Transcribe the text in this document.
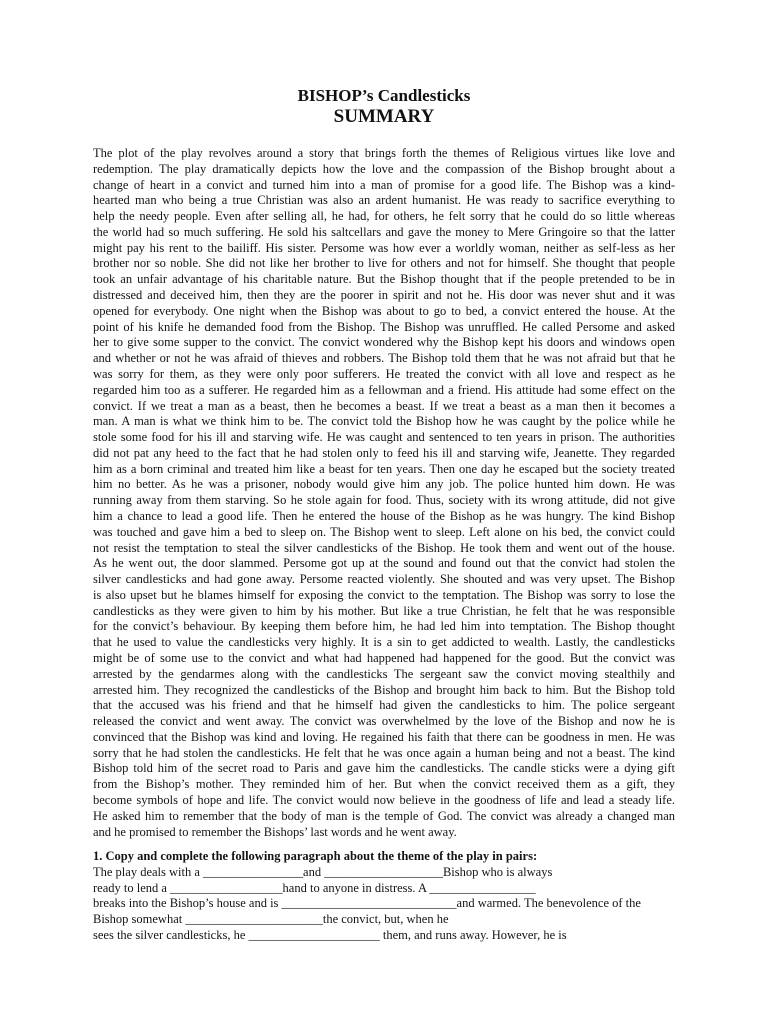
BISHOP’s Candlesticks
SUMMARY
The plot of the play revolves around a story that brings forth the themes of Religious virtues like love and
redemption. The play dramatically depicts how the love and the compassion of the Bishop brought about a
change of heart in a convict and turned him into a man of promise for a good life. The Bishop was a kind-
hearted man who being a true Christian was also an ardent humanist. He was ready to sacrifice everything to
help the needy people. Even after selling all, he had, for others, he felt sorry that he could do so little whereas
the world had so much suffering. He sold his saltcellars and gave the money to Mere Gringoire so that the latter
might pay his rent to the bailiff. His sister. Persome was how ever a worldly woman, neither as self-less as her
brother nor so noble. She did not like her brother to live for others and not for himself. She thought that people
took an unfair advantage of his charitable nature. But the Bishop thought that if the people pretended to be in
distressed and deceived him, then they are the poorer in spirit and not he. His door was never shut and it was
opened for everybody. One night when the Bishop was about to go to bed, a convict entered the house. At the
point of his knife he demanded food from the Bishop. The Bishop was unruffled. He called Persome and asked
her to give some supper to the convict. The convict wondered why the Bishop kept his doors and windows open
and whether or not he was afraid of thieves and robbers. The Bishop told them that he was not afraid but that he
was sorry for them, as they were only poor sufferers. He treated the convict with all love and respect as he
regarded him too as a sufferer. He regarded him as a fellowman and a friend. His attitude had some effect on the
convict. If we treat a man as a beast, then he becomes a beast. If we treat a beast as a man then it becomes a
man. A man is what we think him to be. The convict told the Bishop how he was caught by the police while he
stole some food for his ill and starving wife. He was caught and sentenced to ten years in prison. The authorities
did not pat any heed to the fact that he had stolen only to feed his ill and starving wife, Jeanette. They regarded
him as a born criminal and treated him like a beast for ten years. Then one day he escaped but the society treated
him no better. As he was a prisoner, nobody would give him any job. The police hunted him down. He was
running away from them starving. So he stole again for food. Thus, society with its wrong attitude, did not give
him a chance to lead a good life. Then he entered the house of the Bishop as he was hungry. The kind Bishop
was touched and gave him a bed to sleep on. The Bishop went to sleep. Left alone on his bed, the convict could
not resist the temptation to steal the silver candlesticks of the Bishop. He took them and went out of the house.
As he went out, the door slammed. Persome got up at the sound and found out that the convict had stolen the
silver candlesticks and had gone away. Persome reacted violently. She shouted and was very upset. The Bishop
is also upset but he blames himself for exposing the convict to the temptation. The Bishop was sorry to lose the
candlesticks as they were given to him by his mother. But like a true Christian, he felt that he was responsible
for the convict’s behaviour. By keeping them before him, he had led him into temptation. The Bishop thought
that he used to value the candlesticks very highly. It is a sin to get addicted to wealth. Lastly, the candlesticks
might be of some use to the convict and what had happened had happened for the good. But the convict was
arrested by the gendarmes along with the candlesticks The sergeant saw the convict moving stealthily and
arrested him. They recognized the candlesticks of the Bishop and brought him back to him. But the Bishop told
that the accused was his friend and that he himself had given the candlesticks to him. The police sergeant
released the convict and went away. The convict was overwhelmed by the love of the Bishop and now he is
convinced that the Bishop was kind and loving. He regained his faith that there can be goodness in men. He was
sorry that he had stolen the candlesticks. He felt that he was once again a human being and not a beast. The kind
Bishop told him of the secret road to Paris and gave him the candlesticks. The candle sticks were a dying gift
from the Bishop’s mother. They reminded him of her. But when the convict received them as a gift, they
become symbols of hope and life. The convict would now believe in the goodness of life and lead a steady life.
He asked him to remember that the body of man is the temple of God. The convict was already a changed man
and he promised to remember the Bishops’ last words and he went away.
1. Copy and complete the following paragraph about the theme of the play in pairs:
The play deals with a ________________and ___________________Bishop who is always
ready to lend a __________________hand to anyone in distress. A _________________
breaks into the Bishop’s house and is ____________________________and warmed. The benevolence of the
Bishop somewhat ______________________the convict, but, when he
sees the silver candlesticks, he _____________________ them, and runs away. However, he is
